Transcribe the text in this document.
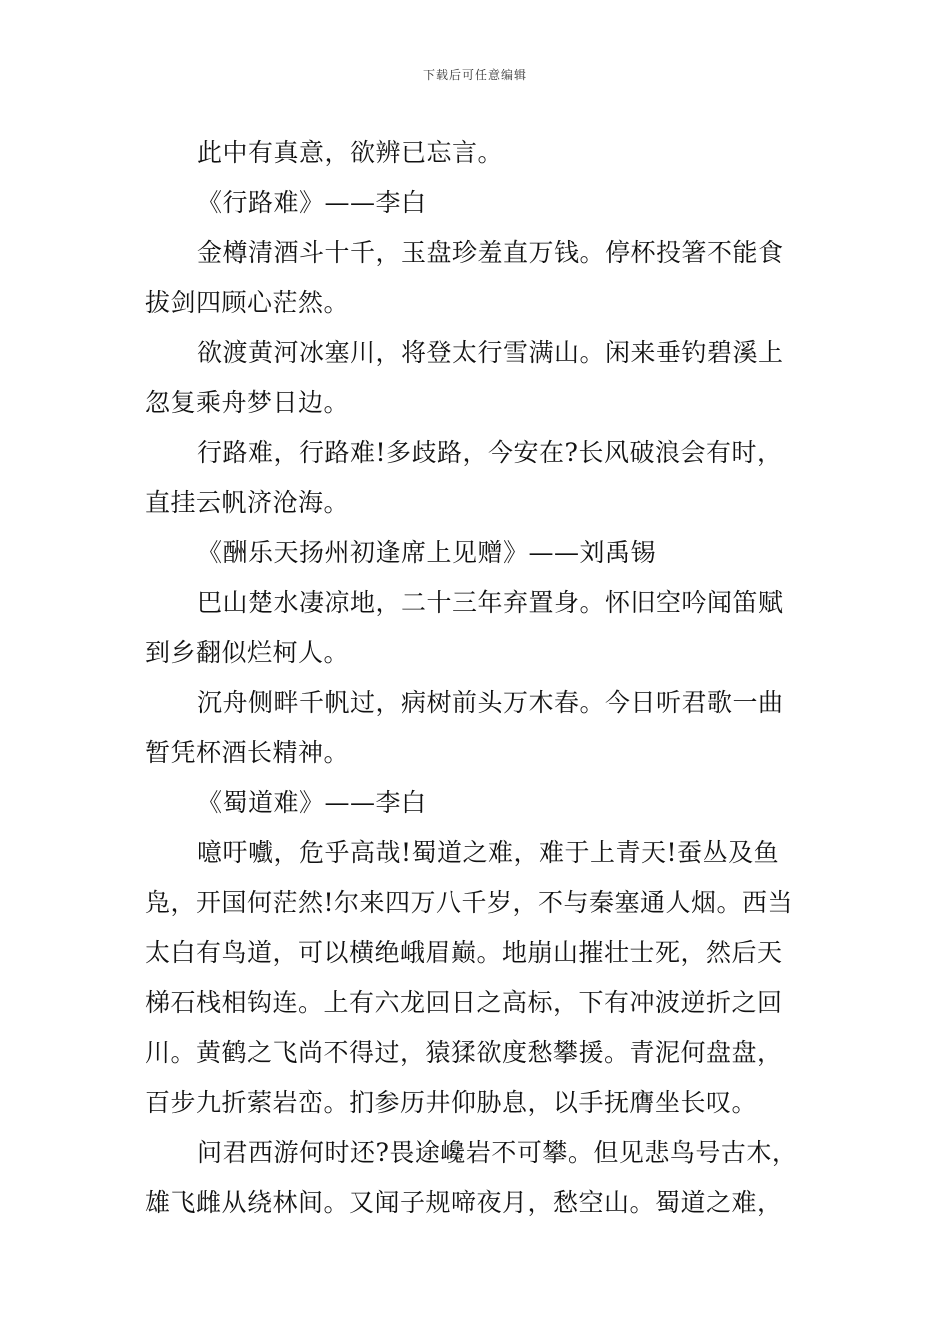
下载后可任意编辑
此中有真意，欲辨已忘言。
《行路难》——李白
金樽清酒斗十千，玉盘珍羞直万钱。停杯投箸不能食
拔剑四顾心茫然。
欲渡黄河冰塞川，将登太行雪满山。闲来垂钓碧溪上
忽复乘舟梦日边。
行路难，行路难!多歧路，今安在?长风破浪会有时，
直挂云帆济沧海。
《酬乐天扬州初逢席上见赠》——刘禹锡
巴山楚水凄凉地，二十三年弃置身。怀旧空吟闻笛赋
到乡翻似烂柯人。
沉舟侧畔千帆过，病树前头万木春。今日听君歌一曲
暂凭杯酒长精神。
《蜀道难》——李白
噫吁嚱，危乎高哉!蜀道之难，难于上青天!蚕丛及鱼
凫，开国何茫然!尔来四万八千岁，不与秦塞通人烟。西当
太白有鸟道，可以横绝峨眉巅。地崩山摧壮士死，然后天
梯石栈相钩连。上有六龙回日之高标，下有冲波逆折之回
川。黄鹤之飞尚不得过，猿猱欲度愁攀援。青泥何盘盘，
百步九折萦岩峦。扪参历井仰胁息，以手抚膺坐长叹。
问君西游何时还?畏途巉岩不可攀。但见悲鸟号古木，
雄飞雌从绕林间。又闻子规啼夜月，愁空山。蜀道之难，
